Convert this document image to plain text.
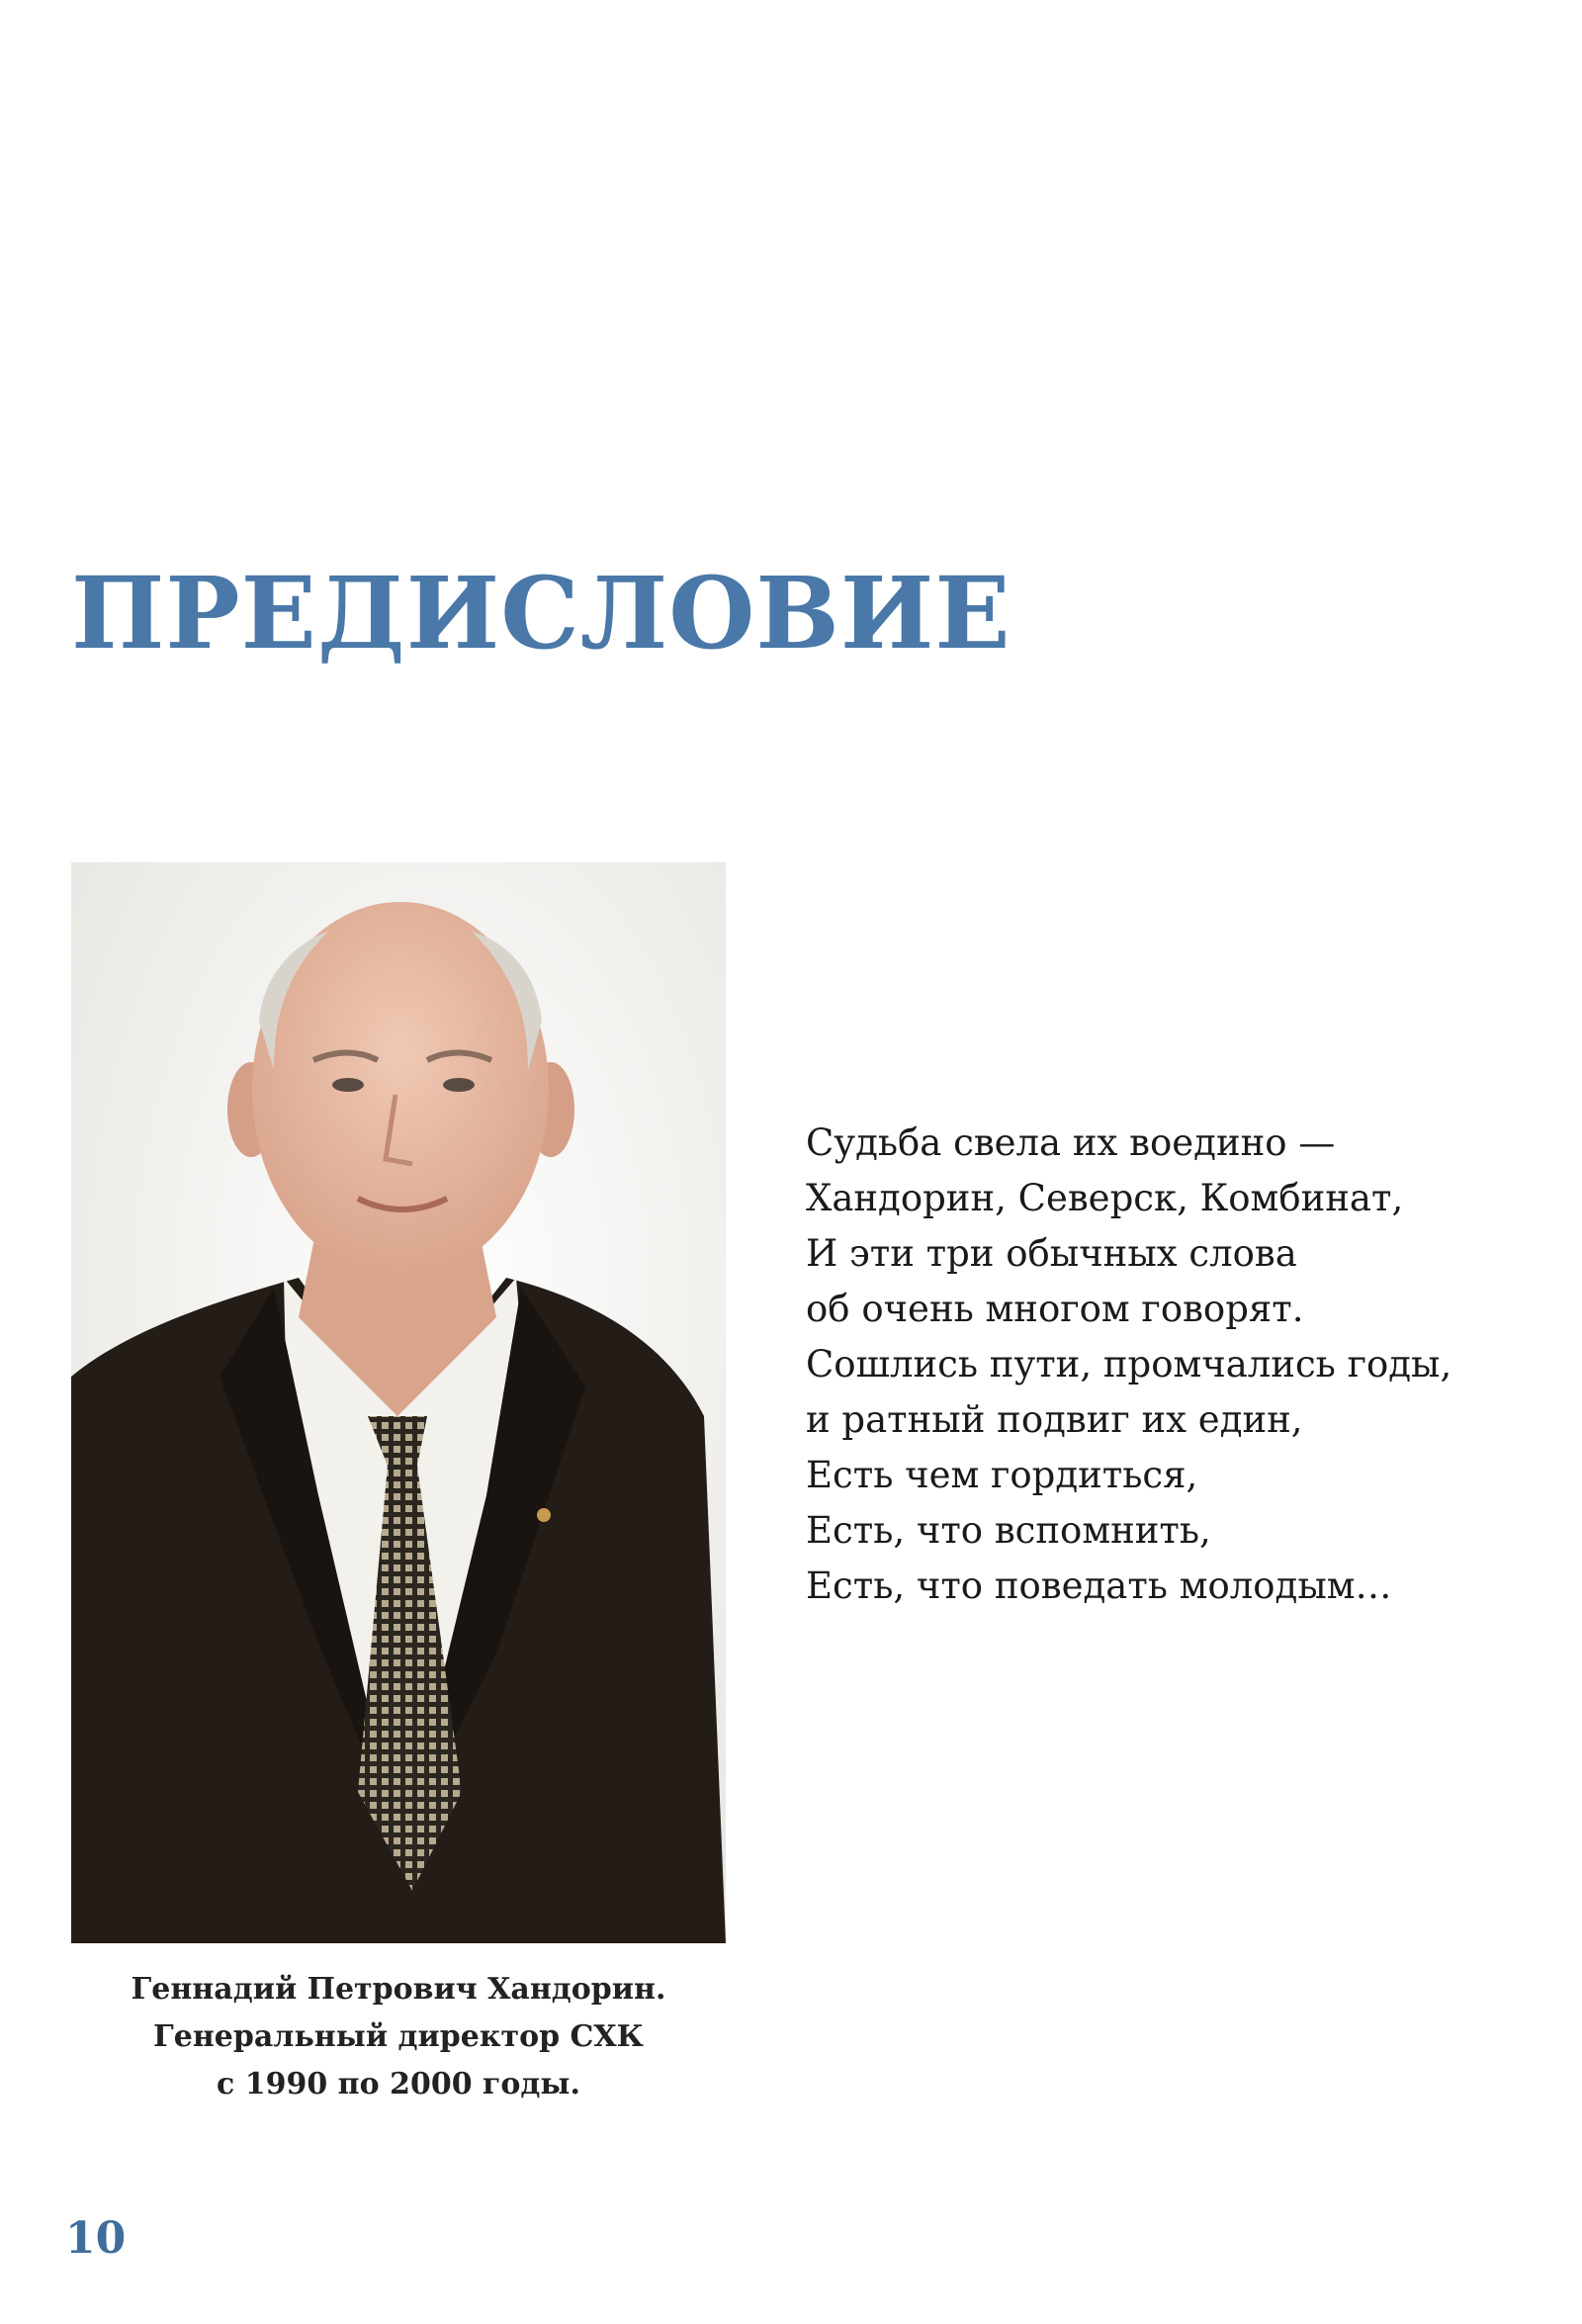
ПРЕДИСЛОВИЕ
Геннадий Петрович Хандорин.
Генеральный директор СХК
с 1990 по 2000 годы.
Судьба свела их воедино —
Хандорин, Северск, Комбинат,
И эти три обычных слова
об очень многом говорят.
Сошлись пути, промчались годы,
и ратный подвиг их един,
Есть чем гордиться,
Есть, что вспомнить,
Есть, что поведать молодым…

10
